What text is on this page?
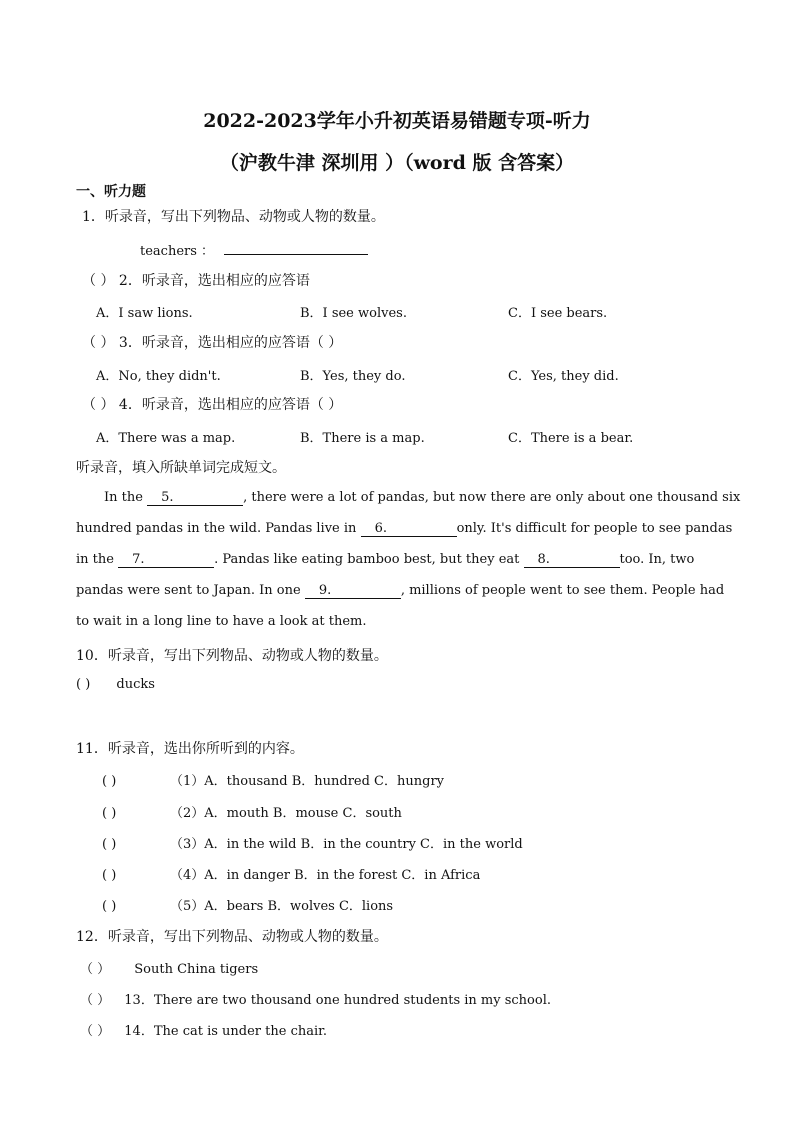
2022-2023学年小升初英语易错题专项-听力
（沪教牛津 深圳用 ）（word 版 含答案）
一、听力题
1．听录音，写出下列物品、动物或人物的数量。
teachers ：
（ ） 2．听录音，选出相应的应答语
A．I saw lions.	B．I see wolves.	C．I see bears.
（ ） 3．听录音，选出相应的应答语（ ）
A．No, they didn't.	B．Yes, they do.	C．Yes, they did.
（ ） 4．听录音，选出相应的应答语（ ）
A．There was a map.	B．There is a map.	C．There is a bear.
听录音，填入所缺单词完成短文。
In the 5.	, there were a lot of pandas, but now there are only about one thousand six
hundred pandas in the wild. Pandas live in 6.	only. It's difficult for people to see pandas
in the 7.	. Pandas like eating bamboo best, but they eat 8.	too. In, two
pandas were sent to Japan. In one 9.	, millions of people went to see them. People had
to wait in a long line to have a look at them.
10．听录音，写出下列物品、动物或人物的数量。
( ) ducks
11．听录音，选出你所听到的内容。
( )	（1）A．thousand B．hundred C．hungry
( )	（2）A．mouth B．mouse C．south
( )	（3）A．in the wild B．in the country C．in the world
( )	（4）A．in danger B．in the forest C．in Africa
( )	（5）A．bears B．wolves C．lions
12．听录音，写出下列物品、动物或人物的数量。
（ ） South China tigers
（ ） 13．There are two thousand one hundred students in my school.
（ ） 14．The cat is under the chair.
